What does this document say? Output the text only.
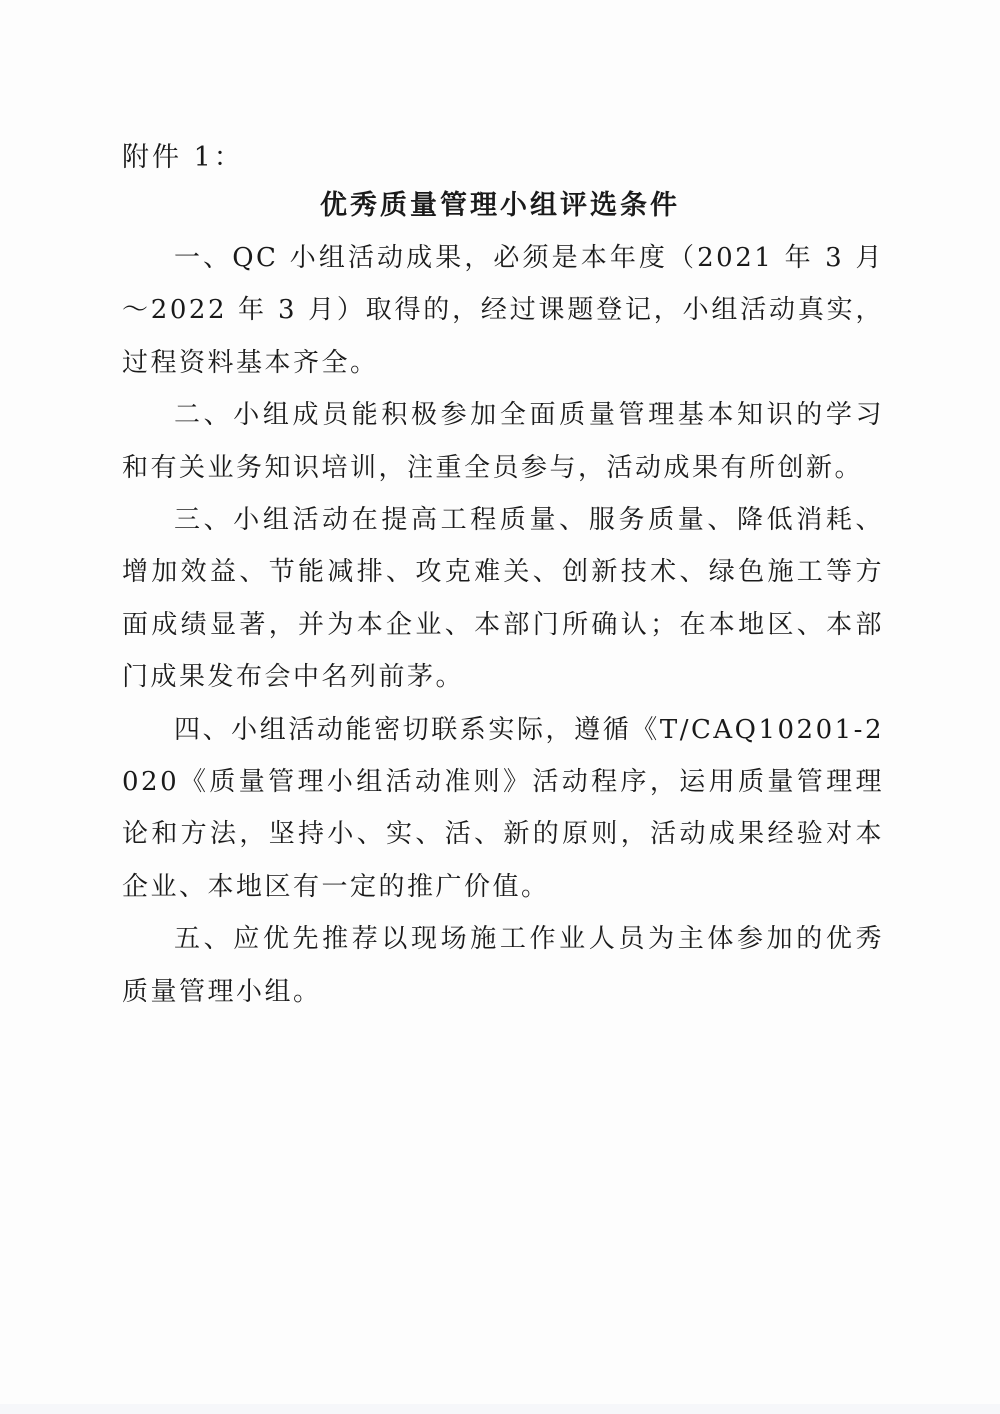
附件 1：
优秀质量管理小组评选条件

一、QC 小组活动成果，必须是本年度（2021 年 3 月～2022 年 3 月）取得的，经过课题登记，小组活动真实，过程资料基本齐全。

二、小组成员能积极参加全面质量管理基本知识的学习和有关业务知识培训，注重全员参与，活动成果有所创新。

三、小组活动在提高工程质量、服务质量、降低消耗、增加效益、节能减排、攻克难关、创新技术、绿色施工等方面成绩显著，并为本企业、本部门所确认；在本地区、本部门成果发布会中名列前茅。

四、小组活动能密切联系实际，遵循《T/CAQ10201-2020《质量管理小组活动准则》活动程序，运用质量管理理论和方法，坚持小、实、活、新的原则，活动成果经验对本企业、本地区有一定的推广价值。

五、应优先推荐以现场施工作业人员为主体参加的优秀质量管理小组。
